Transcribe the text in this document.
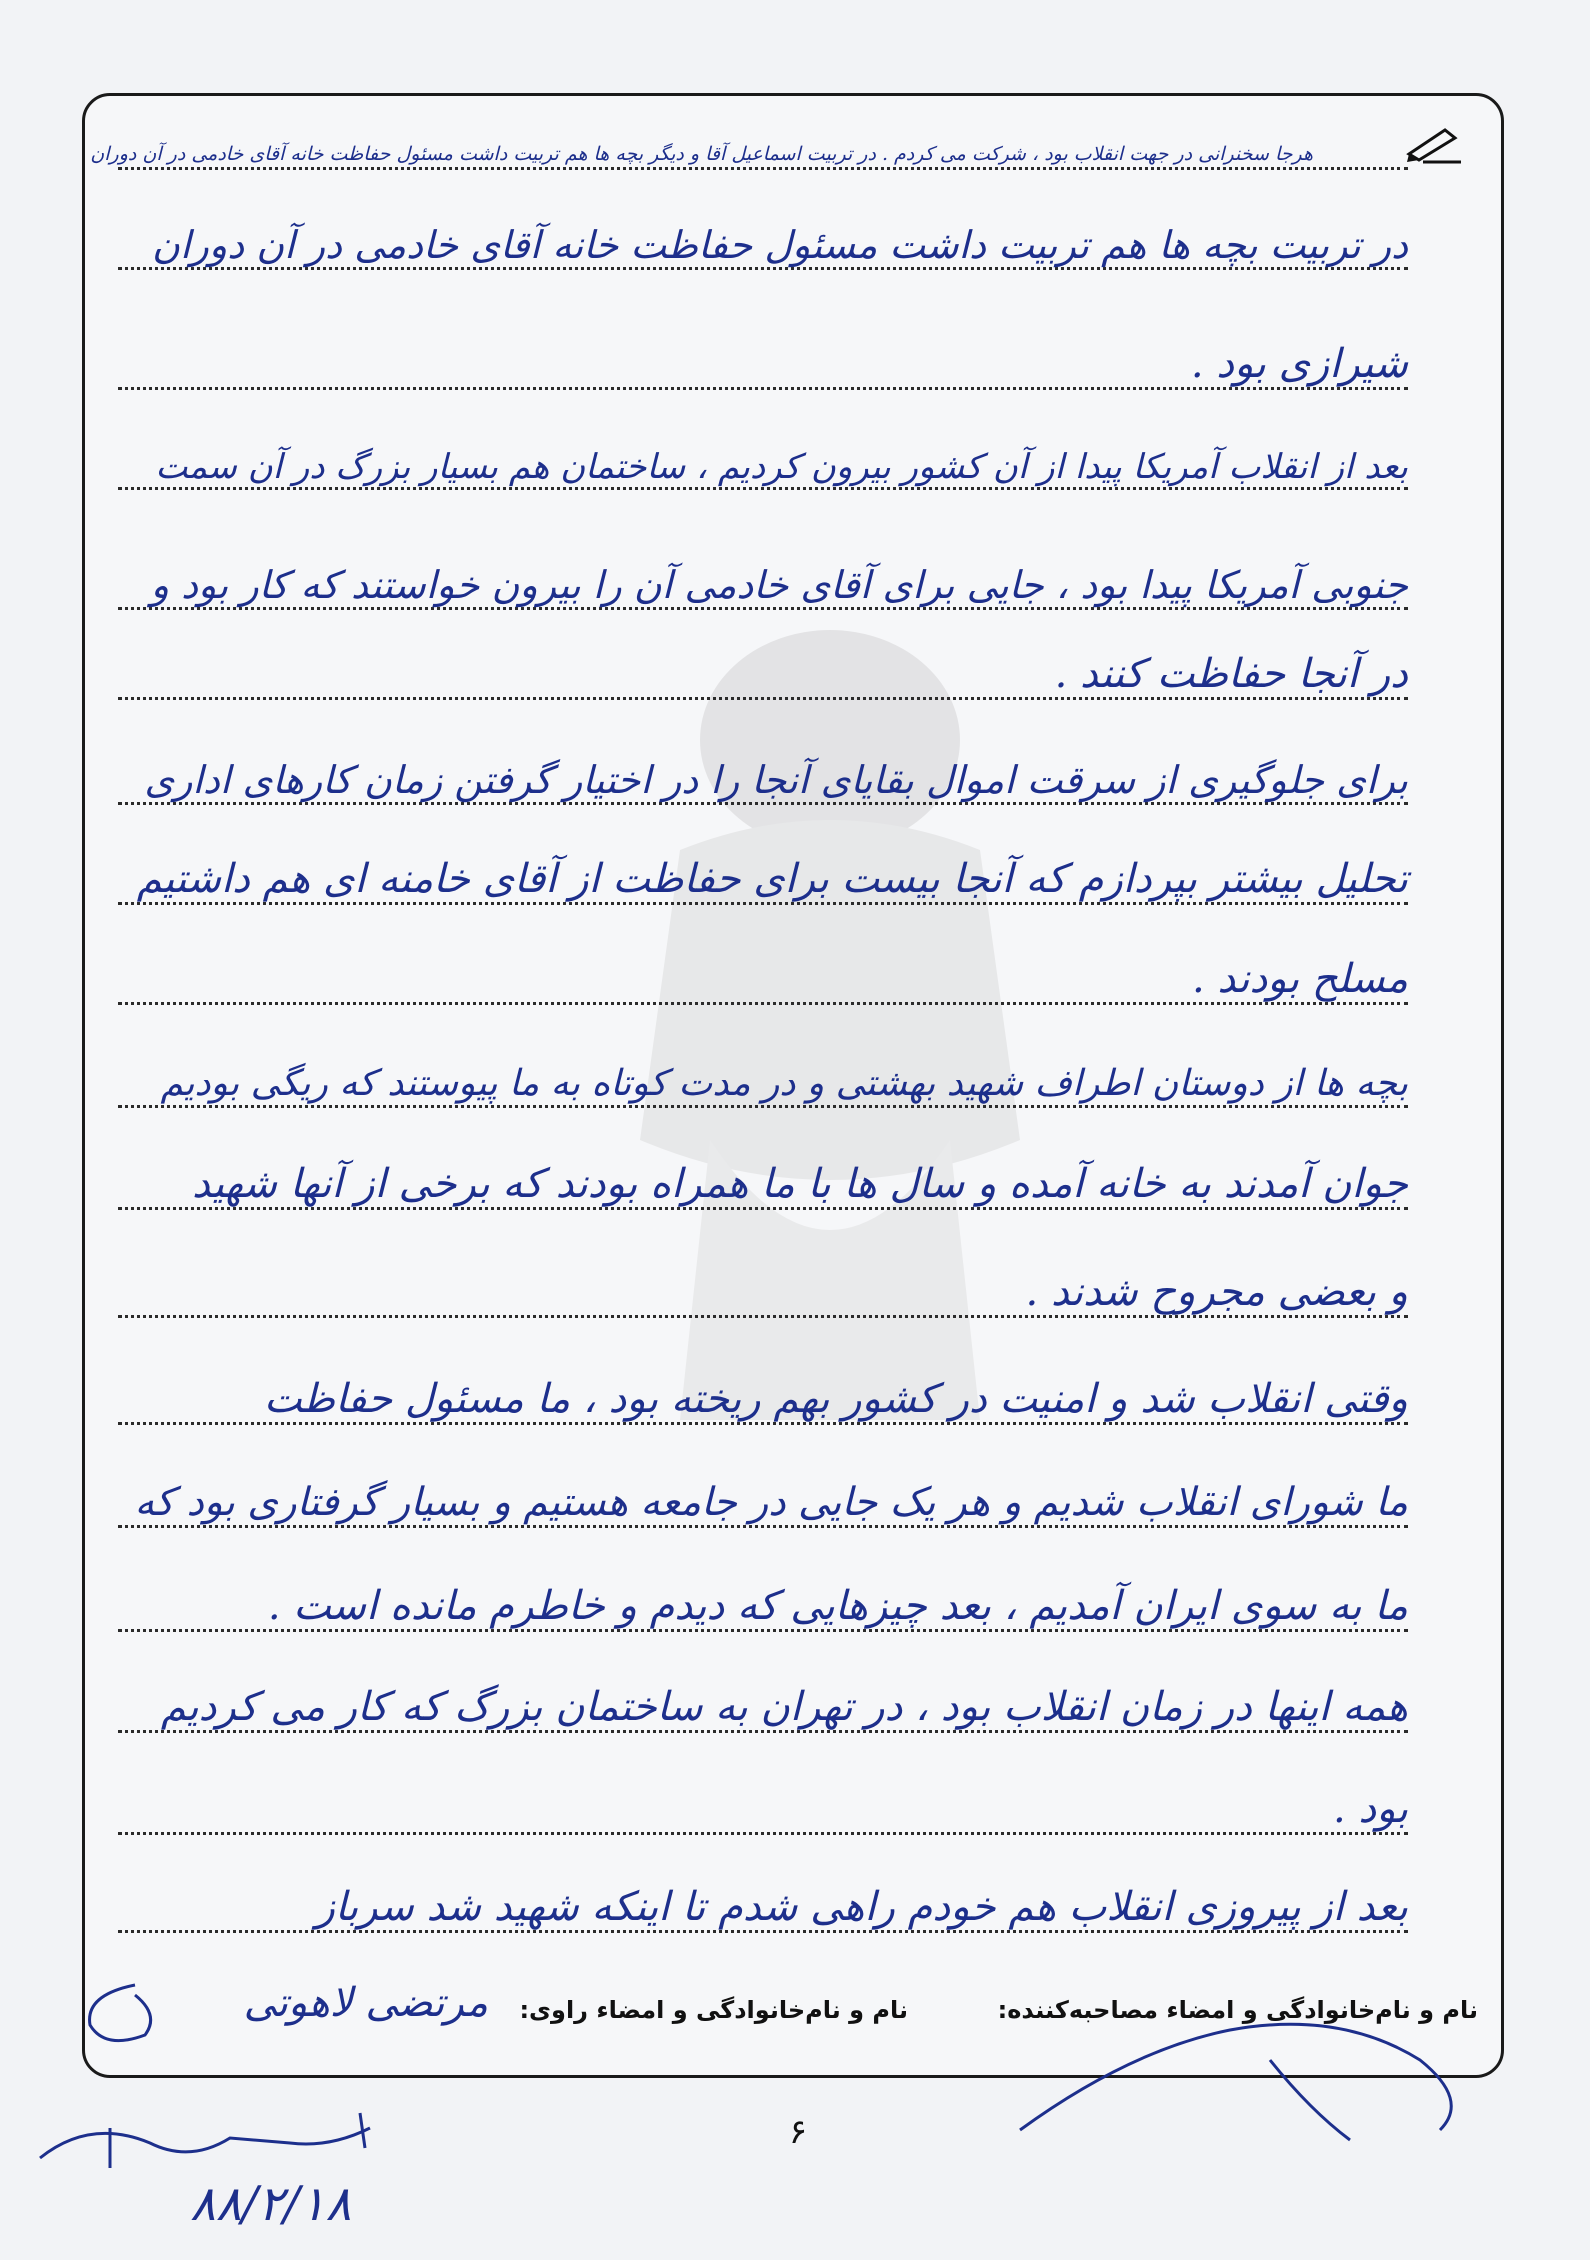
هرجا سخنرانی در جهت انقلاب بود ، شرکت می کردم . در تربیت اسماعیل آقا و دیگر بچه ها هم تربیت داشت مسئول حفاظت خانه آقای خادمی در آن دوران
در تربیت بچه ها هم تربیت داشت مسئول حفاظت خانه آقای خادمی در آن دوران
شیرازی بود .
بعد از انقلاب آمریکا پیدا از آن کشور بیرون کردیم ، ساختمان هم بسیار بزرگ در آن سمت
جنوبی آمریکا پیدا بود ، جایی برای آقای خادمی آن را بیرون خواستند که کار بود و
در آنجا حفاظت کنند .
برای جلوگیری از سرقت اموال بقایای آنجا را در اختیار گرفتن زمان کارهای اداری
تحلیل بیشتر بپردازم که آنجا بیست برای حفاظت از آقای خامنه ای هم داشتیم
مسلح بودند .
بچه ها از دوستان اطراف شهید بهشتی و در مدت کوتاه به ما پیوستند که ریگی بودیم
جوان آمدند به خانه آمده و سال ها با ما همراه بودند که برخی از آنها شهید
و بعضی مجروح شدند .
وقتی انقلاب شد و امنیت در کشور بهم ریخته بود ، ما مسئول حفاظت
ما شورای انقلاب شدیم و هر یک جایی در جامعه هستیم و بسیار گرفتاری بود که
ما به سوی ایران آمدیم ، بعد چیزهایی که دیدم و خاطرم مانده است .
همه اینها در زمان انقلاب بود ، در تهران به ساختمان بزرگ که کار می کردیم
بود .
بعد از پیروزی انقلاب هم خودم راهی شدم تا اینکه شهید شد سرباز
نام و نام‌خانوادگی و امضاء مصاحبه‌کننده:
نام و نام‌خانوادگی و امضاء راوی:
مرتضی لاهوتی
۶
۸۸/۲/۱۸
